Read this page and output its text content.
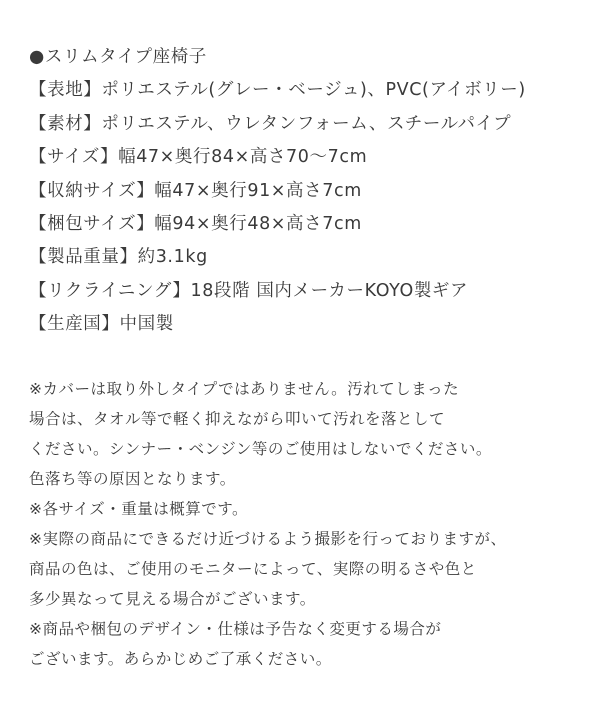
●スリムタイプ座椅子
【表地】ポリエステル(グレー・ベージュ)、PVC(アイボリー)
【素材】ポリエステル、ウレタンフォーム、スチールパイプ
【サイズ】幅47×奥行84×高さ70～7cm
【収納サイズ】幅47×奥行91×高さ7cm
【梱包サイズ】幅94×奥行48×高さ7cm
【製品重量】約3.1kg
【リクライニング】18段階 国内メーカーKOYO製ギア
【生産国】中国製
※カバーは取り外しタイプではありません。汚れてしまった
場合は、タオル等で軽く抑えながら叩いて汚れを落として
ください。シンナー・ベンジン等のご使用はしないでください。
色落ち等の原因となります。
※各サイズ・重量は概算です。
※実際の商品にできるだけ近づけるよう撮影を行っておりますが、
商品の色は、ご使用のモニターによって、実際の明るさや色と
多少異なって見える場合がございます。
※商品や梱包のデザイン・仕様は予告なく変更する場合が
ございます。あらかじめご了承ください。
